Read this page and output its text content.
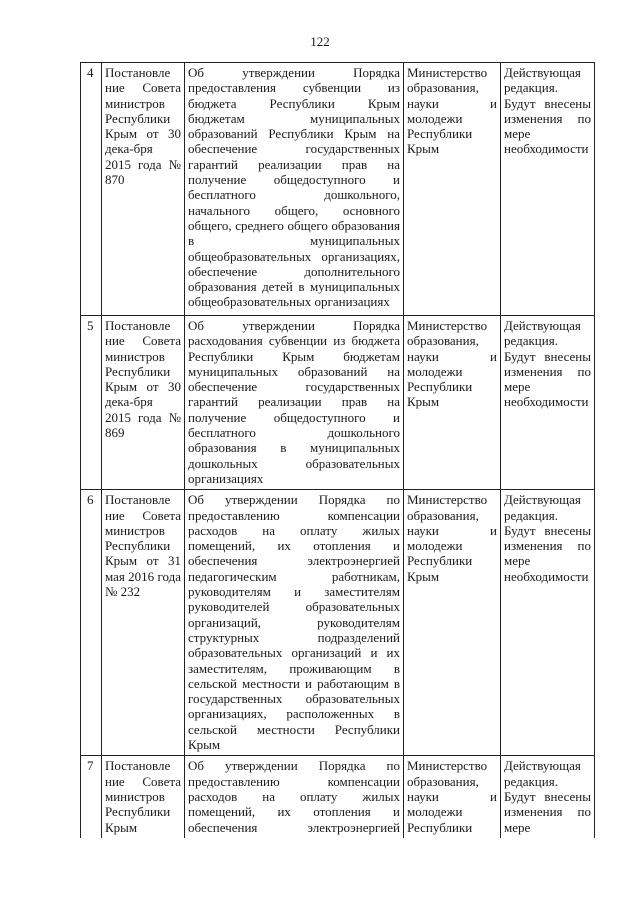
122
4	Постановле ние Совета министров Республики Крым от 30 дека-бря 2015 года № 870	Об утверждении Порядка предоставления субвенции из бюджета Республики Крым бюджетам муниципальных образований Республики Крым на обеспечение государственных гарантий реализации прав на получение общедоступного и бесплатного дошкольного, начального общего, основного общего, среднего общего образования в муниципальных общеобразовательных организациях, обеспечение дополнительного образования детей в муниципальных общеобразовательных организациях	Министерство образования, науки и молодежи Республики Крым	Действующая редакция. Будут внесены изменения по мере необходимости
5	Постановле ние Совета министров Республики Крым от 30 дека-бря 2015 года № 869	Об утверждении Порядка расходования субвенции из бюджета Республики Крым бюджетам муниципальных образований на обеспечение государственных гарантий реализации прав на получение общедоступного и бесплатного дошкольного образования в муниципальных дошкольных образовательных организациях	Министерство образования, науки и молодежи Республики Крым	Действующая редакция. Будут внесены изменения по мере необходимости
6	Постановле ние Совета министров Республики Крым от 31 мая 2016 года № 232	Об утверждении Порядка по предоставлению компенсации расходов на оплату жилых помещений, их отопления и обеспечения электроэнергией педагогическим работникам, руководителям и заместителям руководителей образовательных организаций, руководителям структурных подразделений образовательных организаций и их заместителям, проживающим в сельской местности и работающим в государственных образовательных организациях, расположенных в сельской местности Республики Крым	Министерство образования, науки и молодежи Республики Крым	Действующая редакция. Будут внесены изменения по мере необходимости
7	Постановле ние Совета министров Республики Крым	Об утверждении Порядка по предоставлению компенсации расходов на оплату жилых помещений, их отопления и обеспечения электроэнергией	Министерство образования, науки и молодежи Республики	Действующая редакция. Будут внесены изменения по мере
